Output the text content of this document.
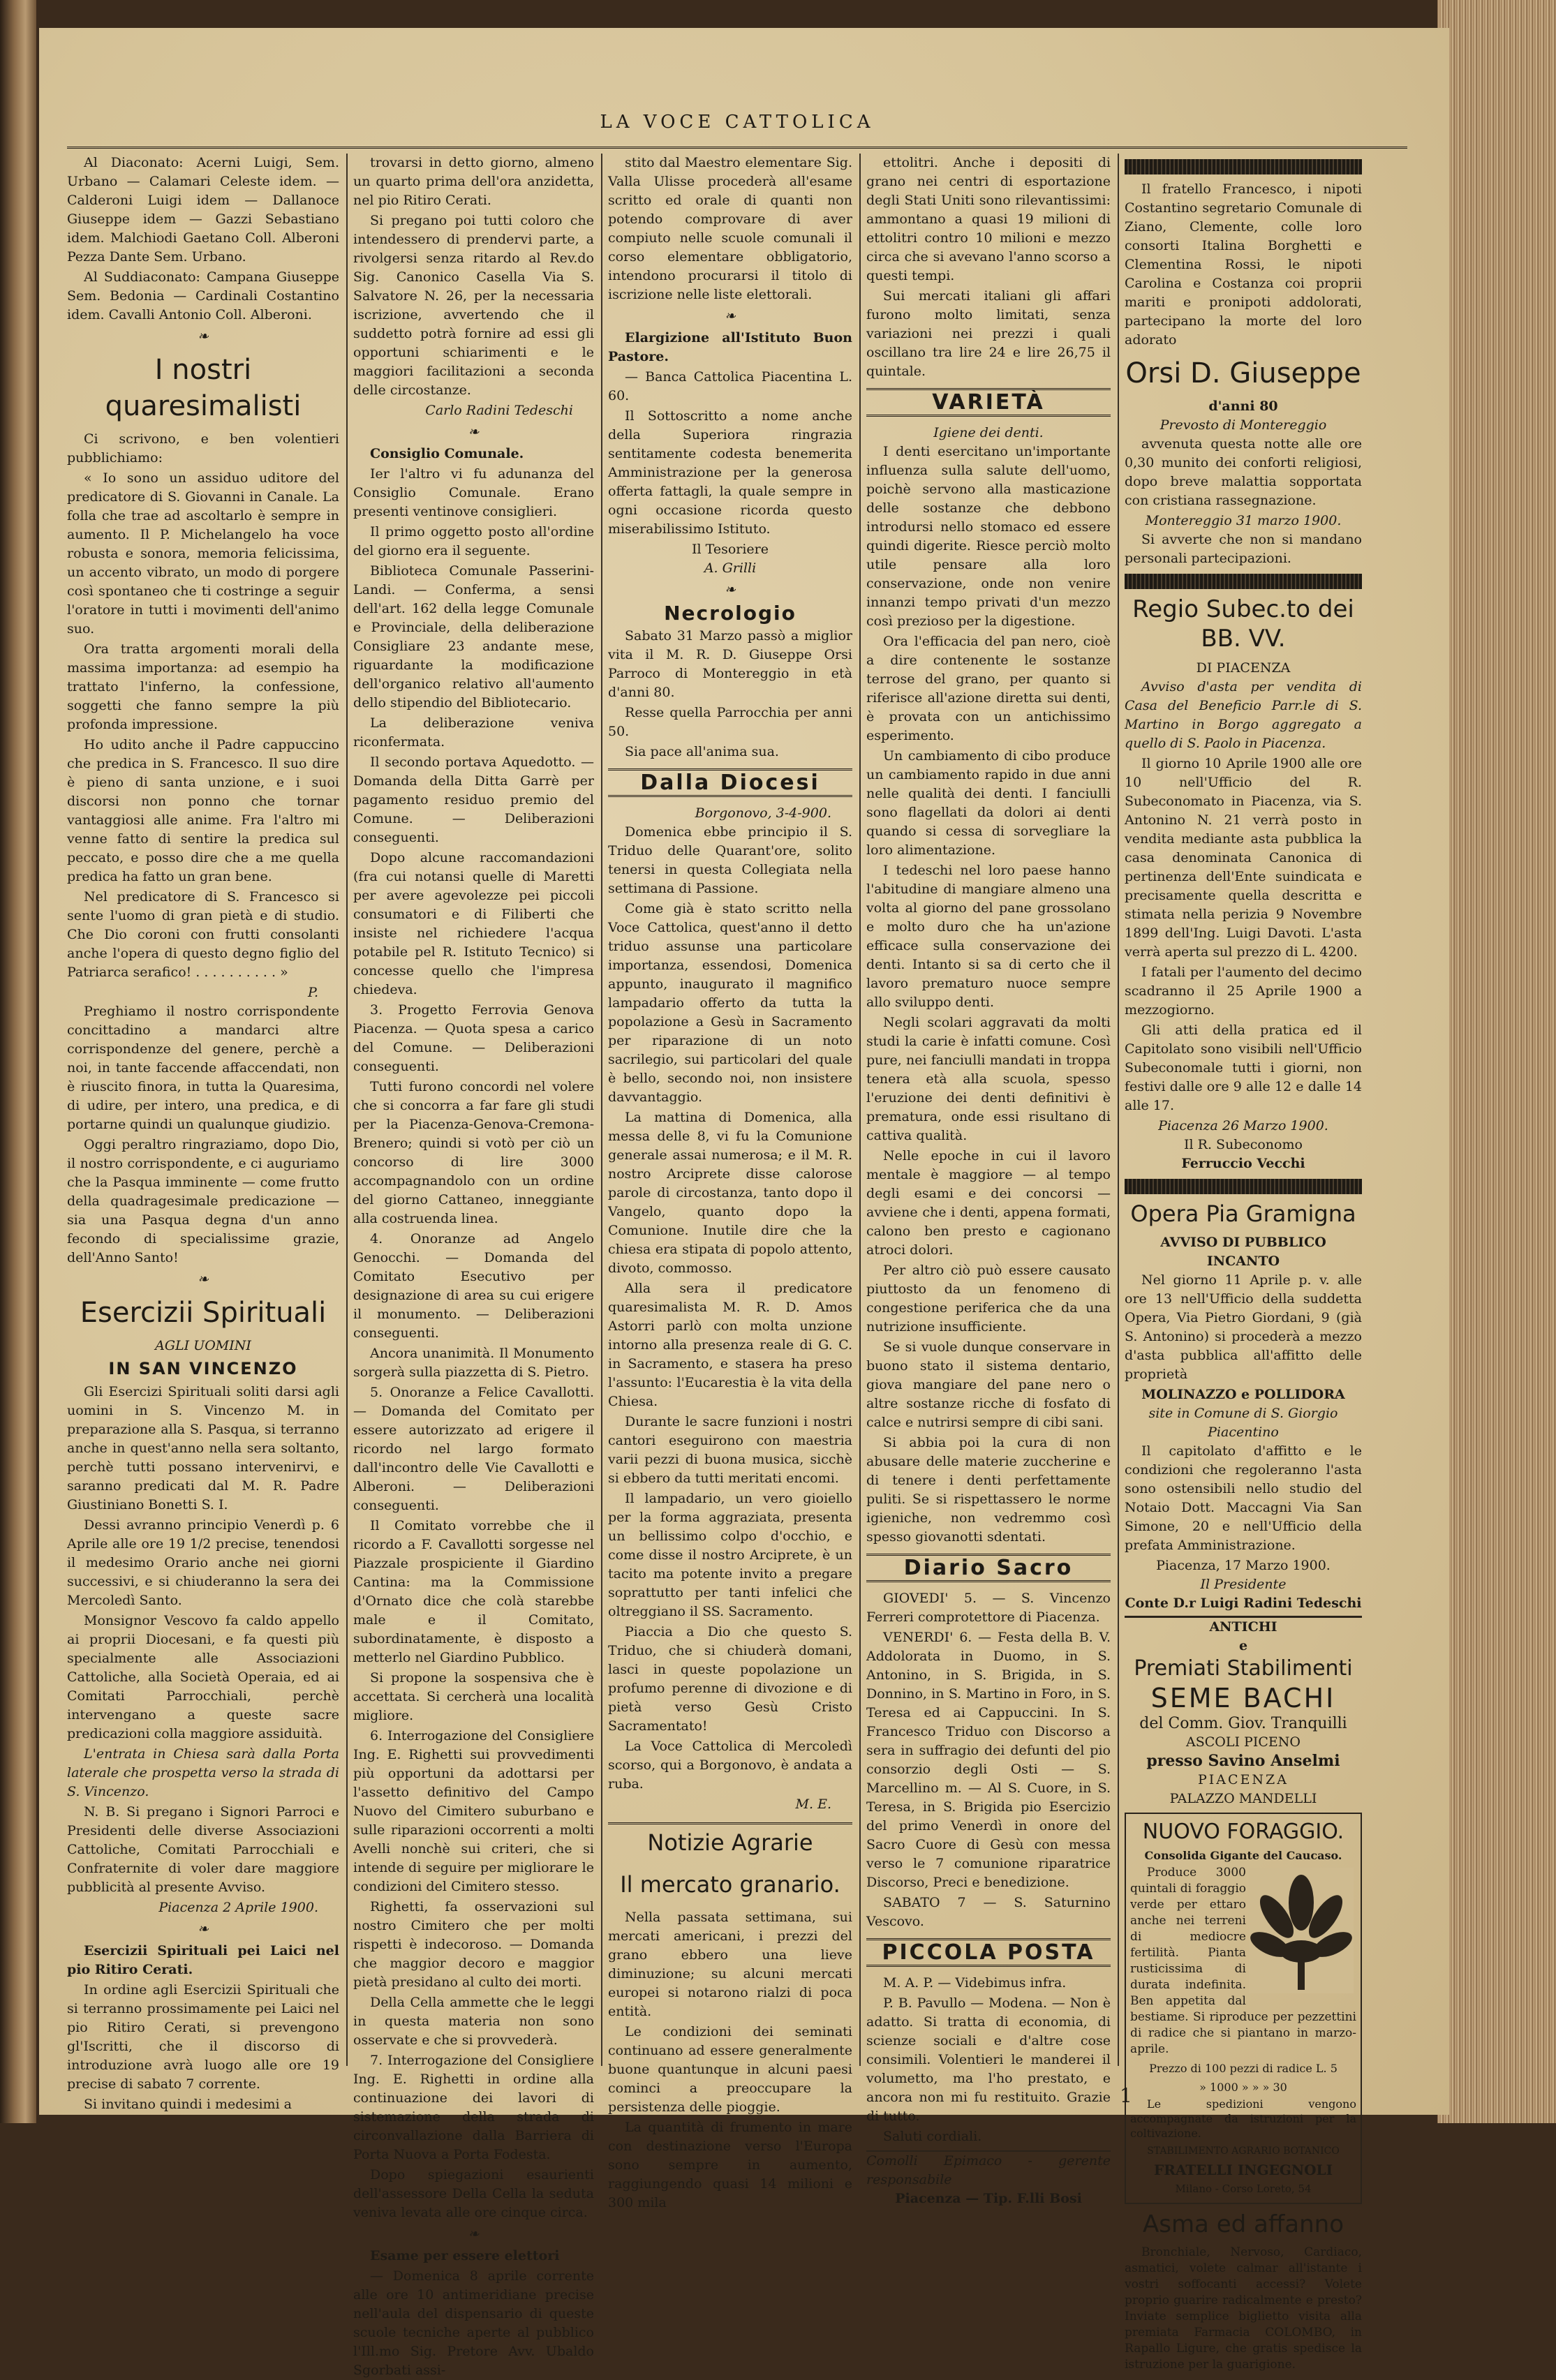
LA VOCE CATTOLICA

Al Diaconato: Acerni Luigi, Sem. Urbano — Calamari Celeste idem. — Calderoni Luigi idem — Dallanoce Giuseppe idem — Gazzi Sebastiano idem. Malchiodi Gaetano Coll. Alberoni Pezza Dante Sem. Urbano.

Al Suddiaconato: Campana Giuseppe Sem. Bedonia — Cardinali Costantino idem. Cavalli Antonio Coll. Alberoni.

❧
I nostri quaresimalisti

Ci scrivono, e ben volentieri pubblichiamo:

« Io sono un assiduo uditore del predicatore di S. Giovanni in Canale. La folla che trae ad ascoltarlo è sempre in aumento. Il P. Michelangelo ha voce robusta e sonora, memoria felicissima, un accento vibrato, un modo di porgere così spontaneo che ti costringe a seguir l'oratore in tutti i movimenti dell'animo suo.

Ora tratta argomenti morali della massima importanza: ad esempio ha trattato l'inferno, la confessione, soggetti che fanno sempre la più profonda impressione.

Ho udito anche il Padre cappuccino che predica in S. Francesco. Il suo dire è pieno di santa unzione, e i suoi discorsi non ponno che tornar vantaggiosi alle anime. Fra l'altro mi venne fatto di sentire la predica sul peccato, e posso dire che a me quella predica ha fatto un gran bene.

Nel predicatore di S. Francesco si sente l'uomo di gran pietà e di studio. Che Dio coroni con frutti consolanti anche l'opera di questo degno figlio del Patriarca serafico! . . . . . . . . . . »

P.

Preghiamo il nostro corrispondente concittadino a mandarci altre corrispondenze del genere, perchè a noi, in tante faccende affaccendati, non è riuscito finora, in tutta la Quaresima, di udire, per intero, una predica, e di portarne quindi un qualunque giudizio.

Oggi peraltro ringraziamo, dopo Dio, il nostro corrispondente, e ci auguriamo che la Pasqua imminente — come frutto della quadragesimale predicazione — sia una Pasqua degna d'un anno fecondo di specialissime grazie, dell'Anno Santo!

❧
Esercizii Spirituali
AGLI UOMINI
IN SAN VINCENZO

Gli Esercizi Spirituali soliti darsi agli uomini in S. Vincenzo M. in preparazione alla S. Pasqua, si terranno anche in quest'anno nella sera soltanto, perchè tutti possano intervenirvi, e saranno predicati dal M. R. Padre Giustiniano Bonetti S. I.

Dessi avranno principio Venerdì p. 6 Aprile alle ore 19 1/2 precise, tenendosi il medesimo Orario anche nei giorni successivi, e si chiuderanno la sera dei Mercoledì Santo.

Monsignor Vescovo fa caldo appello ai proprii Diocesani, e fa questi più specialmente alle Associazioni Cattoliche, alla Società Operaia, ed ai Comitati Parrocchiali, perchè intervengano a queste sacre predicazioni colla maggiore assiduità.

L'entrata in Chiesa sarà dalla Porta laterale che prospetta verso la strada di S. Vincenzo.

N. B. Si pregano i Signori Parroci e Presidenti delle diverse Associazioni Cattoliche, Comitati Parrocchiali e Confraternite di voler dare maggiore pubblicità al presente Avviso.

Piacenza 2 Aprile 1900.
❧

Esercizii Spirituali pei Laici nel pio Ritiro Cerati.

In ordine agli Esercizii Spirituali che si terranno prossimamente pei Laici nel pio Ritiro Cerati, si prevengono gl'Iscritti, che il discorso di introduzione avrà luogo alle ore 19 precise di sabato 7 corrente.

Si invitano quindi i medesimi a

trovarsi in detto giorno, almeno un quarto prima dell'ora anzidetta, nel pio Ritiro Cerati.

Si pregano poi tutti coloro che intendessero di prendervi parte, a rivolgersi senza ritardo al Rev.do Sig. Canonico Casella Via S. Salvatore N. 26, per la necessaria iscrizione, avvertendo che il suddetto potrà fornire ad essi gli opportuni schiarimenti e le maggiori facilitazioni a seconda delle circostanze.

Carlo Radini Tedeschi
❧

Consiglio Comunale.

Ier l'altro vi fu adunanza del Consiglio Comunale. Erano presenti ventinove consiglieri.

Il primo oggetto posto all'ordine del giorno era il seguente.

Biblioteca Comunale Passerini-Landi. — Conferma, a sensi dell'art. 162 della legge Comunale e Provinciale, della deliberazione Consigliare 23 andante mese, riguardante la modificazione dell'organico relativo all'aumento dello stipendio del Bibliotecario.

La deliberazione veniva riconfermata.

Il secondo portava Aquedotto. — Domanda della Ditta Garrè per pagamento residuo premio del Comune. — Deliberazioni conseguenti.

Dopo alcune raccomandazioni (fra cui notansi quelle di Maretti per avere agevolezze pei piccoli consumatori e di Filiberti che insiste nel richiedere l'acqua potabile pel R. Istituto Tecnico) si concesse quello che l'impresa chiedeva.

3. Progetto Ferrovia Genova Piacenza. — Quota spesa a carico del Comune. — Deliberazioni conseguenti.

Tutti furono concordi nel volere che si concorra a far fare gli studi per la Piacenza-Genova-Cremona-Brenero; quindi si votò per ciò un concorso di lire 3000 accompagnandolo con un ordine del giorno Cattaneo, inneggiante alla costruenda linea.

4. Onoranze ad Angelo Genocchi. — Domanda del Comitato Esecutivo per designazione di area su cui erigere il monumento. — Deliberazioni conseguenti.

Ancora unanimità. Il Monumento sorgerà sulla piazzetta di S. Pietro.

5. Onoranze a Felice Cavallotti. — Domanda del Comitato per essere autorizzato ad erigere il ricordo nel largo formato dall'incontro delle Vie Cavallotti e Alberoni. — Deliberazioni conseguenti.

Il Comitato vorrebbe che il ricordo a F. Cavallotti sorgesse nel Piazzale prospiciente il Giardino Cantina: ma la Commissione d'Ornato dice che colà starebbe male e il Comitato, subordinatamente, è disposto a metterlo nel Giardino Pubblico.

Si propone la sospensiva che è accettata. Si cercherà una località migliore.

6. Interrogazione del Consigliere Ing. E. Righetti sui provvedimenti più opportuni da adottarsi per l'assetto definitivo del Campo Nuovo del Cimitero suburbano e sulle riparazioni occorrenti a molti Avelli nonchè sui criteri, che si intende di seguire per migliorare le condizioni del Cimitero stesso.

Righetti, fa osservazioni sul nostro Cimitero che per molti rispetti è indecoroso. — Domanda che maggior decoro e maggior pietà presidano al culto dei morti.

Della Cella ammette che le leggi in questa materia non sono osservate e che si provvederà.

7. Interrogazione del Consigliere Ing. E. Righetti in ordine alla continuazione dei lavori di sistemazione della strada di circonvallazione dalla Barriera di Porta Nuova a Porta Fodesta.

Dopo spiegazioni esaurienti dell'assessore Della Cella la seduta veniva levata alle ore cinque circa.

❧

Esame per essere elettori

— Domenica 8 aprile corrente alle ore 10 antimeridiane precise nell'aula del dispensario di queste scuole tecniche aperte al pubblico l'Ill.mo Sig. Pretore Avv. Ubaldo Sgorbati assi-

stito dal Maestro elementare Sig. Valla Ulisse procederà all'esame scritto ed orale di quanti non potendo comprovare di aver compiuto nelle scuole comunali il corso elementare obbligatorio, intendono procurarsi il titolo di iscrizione nelle liste elettorali.

❧

Elargizione all'Istituto Buon Pastore.

— Banca Cattolica Piacentina L. 60.

Il Sottoscritto a nome anche della Superiora ringrazia sentitamente codesta benemerita Amministrazione per la generosa offerta fattagli, la quale sempre in ogni occasione ricorda questo miserabilissimo Istituto.

Il Tesoriere
A. Grilli
❧
Necrologio

Sabato 31 Marzo passò a miglior vita il M. R. D. Giuseppe Orsi Parroco di Montereggio in età d'anni 80.

Resse quella Parrocchia per anni 50.

Sia pace all'anima sua.

Dalla Diocesi
Borgonovo, 3-4-900.

Domenica ebbe principio il S. Triduo delle Quarant'ore, solito tenersi in questa Collegiata nella settimana di Passione.

Come già è stato scritto nella Voce Cattolica, quest'anno il detto triduo assunse una particolare importanza, essendosi, Domenica appunto, inaugurato il magnifico lampadario offerto da tutta la popolazione a Gesù in Sacramento per riparazione di un noto sacrilegio, sui particolari del quale è bello, secondo noi, non insistere davvantaggio.

La mattina di Domenica, alla messa delle 8, vi fu la Comunione generale assai numerosa; e il M. R. nostro Arciprete disse calorose parole di circostanza, tanto dopo il Vangelo, quanto dopo la Comunione. Inutile dire che la chiesa era stipata di popolo attento, divoto, commosso.

Alla sera il predicatore quaresimalista M. R. D. Amos Astorri parlò con molta unzione intorno alla presenza reale di G. C. in Sacramento, e stasera ha preso l'assunto: l'Eucarestia è la vita della Chiesa.

Durante le sacre funzioni i nostri cantori eseguirono con maestria varii pezzi di buona musica, sicchè si ebbero da tutti meritati encomi.

Il lampadario, un vero gioiello per la forma aggraziata, presenta un bellissimo colpo d'occhio, e come disse il nostro Arciprete, è un tacito ma potente invito a pregare soprattutto per tanti infelici che oltreggiano il SS. Sacramento.

Piaccia a Dio che questo S. Triduo, che si chiuderà domani, lasci in queste popolazione un profumo perenne di divozione e di pietà verso Gesù Cristo Sacramentato!

La Voce Cattolica di Mercoledì scorso, qui a Borgonovo, è andata a ruba.

M. E.
Notizie Agrarie
Il mercato granario.

Nella passata settimana, sui mercati americani, i prezzi del grano ebbero una lieve diminuzione; su alcuni mercati europei si notarono rialzi di poca entità.

Le condizioni dei seminati continuano ad essere generalmente buone quantunque in alcuni paesi cominci a preoccupare la persistenza delle pioggie.

La quantità di frumento in mare con destinazione verso l'Europa sono sempre in aumento, raggiungendo quasi 14 milioni e 300 mila

ettolitri. Anche i depositi di grano nei centri di esportazione degli Stati Uniti sono rilevantissimi: ammontano a quasi 19 milioni di ettolitri contro 10 milioni e mezzo circa che si avevano l'anno scorso a questi tempi.

Sui mercati italiani gli affari furono molto limitati, senza variazioni nei prezzi i quali oscillano tra lire 24 e lire 26,75 il quintale.

VARIETÀ
Igiene dei denti.

I denti esercitano un'importante influenza sulla salute dell'uomo, poichè servono alla masticazione delle sostanze che debbono introdursi nello stomaco ed essere quindi digerite. Riesce perciò molto utile pensare alla loro conservazione, onde non venire innanzi tempo privati d'un mezzo così prezioso per la digestione.

Ora l'efficacia del pan nero, cioè a dire contenente le sostanze terrose del grano, per quanto si riferisce all'azione diretta sui denti, è provata con un antichissimo esperimento.

Un cambiamento di cibo produce un cambiamento rapido in due anni nelle qualità dei denti. I fanciulli sono flagellati da dolori ai denti quando si cessa di sorvegliare la loro alimentazione.

I tedeschi nel loro paese hanno l'abitudine di mangiare almeno una volta al giorno del pane grossolano e molto duro che ha un'azione efficace sulla conservazione dei denti. Intanto si sa di certo che il lavoro prematuro nuoce sempre allo sviluppo denti.

Negli scolari aggravati da molti studi la carie è infatti comune. Così pure, nei fanciulli mandati in troppa tenera età alla scuola, spesso l'eruzione dei denti definitivi è prematura, onde essi risultano di cattiva qualità.

Nelle epoche in cui il lavoro mentale è maggiore — al tempo degli esami e dei concorsi — avviene che i denti, appena formati, calono ben presto e cagionano atroci dolori.

Per altro ciò può essere causato piuttosto da un fenomeno di congestione periferica che da una nutrizione insufficiente.

Se si vuole dunque conservare in buono stato il sistema dentario, giova mangiare del pane nero o altre sostanze ricche di fosfato di calce e nutrirsi sempre di cibi sani.

Si abbia poi la cura di non abusare delle materie zuccherine e di tenere i denti perfettamente puliti. Se si rispettassero le norme igieniche, non vedremmo così spesso giovanotti sdentati.

Diario Sacro

GIOVEDI' 5. — S. Vincenzo Ferreri comprotettore di Piacenza.

VENERDI' 6. — Festa della B. V. Addolorata in Duomo, in S. Antonino, in S. Brigida, in S. Donnino, in S. Martino in Foro, in S. Teresa ed ai Cappuccini. In S. Francesco Triduo con Discorso a sera in suffragio dei defunti del pio consorzio degli Osti — S. Marcellino m. — Al S. Cuore, in S. Teresa, in S. Brigida pio Esercizio del primo Venerdì in onore del Sacro Cuore di Gesù con messa verso le 7 comunione riparatrice Discorso, Preci e benedizione.

SABATO 7 — S. Saturnino Vescovo.

PICCOLA POSTA

M. A. P. — Videbimus infra.

P. B. Pavullo — Modena. — Non è adatto. Si tratta di economia, di scienze sociali e d'altre cose consimili. Volentieri le manderei il volumetto, ma l'ho prestato, e ancora non mi fu restituito. Grazie di tutto.

Saluti cordiali.

Comolli Epimaco - gerente responsabile
Piacenza — Tip. F.lli Bosi

Il fratello Francesco, i nipoti Costantino segretario Comunale di Ziano, Clemente, colle loro consorti Italina Borghetti e Clementina Rossi, le nipoti Carolina e Costanza coi proprii mariti e pronipoti addolorati, partecipano la morte del loro adorato

Orsi D. Giuseppe
d'anni 80
Prevosto di Montereggio

avvenuta questa notte alle ore 0,30 munito dei conforti religiosi, dopo breve malattia sopportata con cristiana rassegnazione.

Montereggio 31 marzo 1900.

Si avverte che non si mandano personali partecipazioni.

Regio Subec.to dei BB. VV.
DI PIACENZA

Avviso d'asta per vendita di Casa del Beneficio Parr.le di S. Martino in Borgo aggregato a quello di S. Paolo in Piacenza.

Il giorno 10 Aprile 1900 alle ore 10 nell'Ufficio del R. Subeconomato in Piacenza, via S. Antonino N. 21 verrà posto in vendita mediante asta pubblica la casa denominata Canonica di pertinenza dell'Ente suindicata e precisamente quella descritta e stimata nella perizia 9 Novembre 1899 dell'Ing. Luigi Davoti. L'asta verrà aperta sul prezzo di L. 4200.

I fatali per l'aumento del decimo scadranno il 25 Aprile 1900 a mezzogiorno.

Gli atti della pratica ed il Capitolato sono visibili nell'Ufficio Subeconomale tutti i giorni, non festivi dalle ore 9 alle 12 e dalle 14 alle 17.

Piacenza 26 Marzo 1900.
Il R. Subeconomo
Ferruccio Vecchi
Opera Pia Gramigna
AVVISO DI PUBBLICO INCANTO

Nel giorno 11 Aprile p. v. alle ore 13 nell'Ufficio della suddetta Opera, Via Pietro Giordani, 9 (già S. Antonino) si procederà a mezzo d'asta pubblica all'affitto delle proprietà

MOLINAZZO e POLLIDORA
site in Comune di S. Giorgio Piacentino

Il capitolato d'affitto e le condizioni che regoleranno l'asta sono ostensibili nello studio del Notaio Dott. Maccagni Via San Simone, 20 e nell'Ufficio della prefata Amministrazione.

Piacenza, 17 Marzo 1900.
Il Presidente
Conte D.r Luigi Radini Tedeschi
ANTICHI
e
Premiati Stabilimenti
SEME BACHI
del Comm. Giov. Tranquilli
ASCOLI PICENO
presso Savino Anselmi
PIACENZA
PALAZZO MANDELLI
NUOVO FORAGGIO.
Consolida Gigante del Caucaso.

Produce 3000 quintali di foraggio verde per ettaro anche nei terreni di mediocre fertilità. Pianta rusticissima di durata indefinita. Ben appetita dal bestiame. Si riproduce per pezzettini di radice che si piantano in marzo-aprile.

Prezzo di 100 pezzi di radice L. 5
» 1000 » » » 30

Le spedizioni vengono accompagnate da istruzioni per la coltivazione.

STABILIMENTO AGRARIO BOTANICO
FRATELLI INGEGNOLI
Milano - Corso Loreto, 54
Asma ed affanno

Bronchiale, Nervoso, Cardiaco, asmatici, volete calmar all'istante i vostri soffocanti accessi? Volete proprio guarire radicalmente e presto? Inviate semplice biglietto visita alla premiata Farmacia COLOMBO, in Rapallo Ligure, che gratis spedisce la istruzione per la guarigione.

1
